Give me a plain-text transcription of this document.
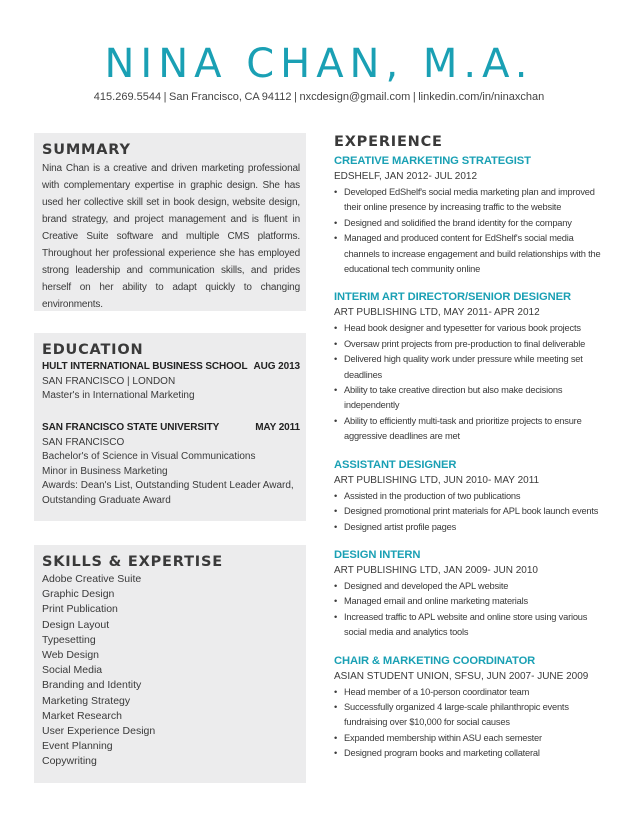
NINA CHAN, M.A.
415.269.5544 | San Francisco, CA 94112 | nxcdesign@gmail.com | linkedin.com/in/ninaxchan
SUMMARY

Nina Chan is a creative and driven marketing professional with complementary expertise in graphic design. She has used her collective skill set in book design, website design, brand strategy, and project management and is fluent in Creative Suite software and multiple CMS platforms. Throughout her professional experience she has employed strong leadership and communication skills, and prides herself on her ability to adapt quickly to changing environments.

EDUCATION
HULT INTERNATIONAL BUSINESS SCHOOL AUG 2013
SAN FRANCISCO | LONDON
Master's in International Marketing
SAN FRANCISCO STATE UNIVERSITY	MAY 2011
SAN FRANCISCO
Bachelor's of Science in Visual Communications
Minor in Business Marketing
Awards: Dean's List, Outstanding Student Leader Award,
Outstanding Graduate Award
SKILLS & EXPERTISE
Adobe Creative Suite
Graphic Design
Print Publication
Design Layout
Typesetting
Web Design
Social Media
Branding and Identity
Marketing Strategy
Market Research
User Experience Design
Event Planning
Copywriting
EXPERIENCE
CREATIVE MARKETING STRATEGIST
EDSHELF, JAN 2012- JUL 2012
• Developed EdShelf's social media marketing plan and improved their online presence by increasing traffic to the website
• Designed and solidified the brand identity for the company
• Managed and produced content for EdShelf's social media channels to increase engagement and build relationships with the educational tech community online
INTERIM ART DIRECTOR/SENIOR DESIGNER
ART PUBLISHING LTD, MAY 2011- APR 2012
• Head book designer and typesetter for various book projects
• Oversaw print projects from pre-production to final deliverable
• Delivered high quality work under pressure while meeting set deadlines
• Ability to take creative direction but also make decisions independently
• Ability to efficiently multi-task and prioritize projects to ensure aggressive deadlines are met
ASSISTANT DESIGNER
ART PUBLISHING LTD, JUN 2010- MAY 2011
• Assisted in the production of two publications
• Designed promotional print materials for APL book launch events
• Designed artist profile pages
DESIGN INTERN
ART PUBLISHING LTD, JAN 2009- JUN 2010
• Designed and developed the APL website
• Managed email and online marketing materials
• Increased traffic to APL website and online store using various social media and analytics tools
CHAIR & MARKETING COORDINATOR
ASIAN STUDENT UNION, SFSU, JUN 2007- JUNE 2009
• Head member of a 10-person coordinator team
• Successfully organized 4 large-scale philanthropic events fundraising over $10,000 for social causes
• Expanded membership within ASU each semester
• Designed program books and marketing collateral
